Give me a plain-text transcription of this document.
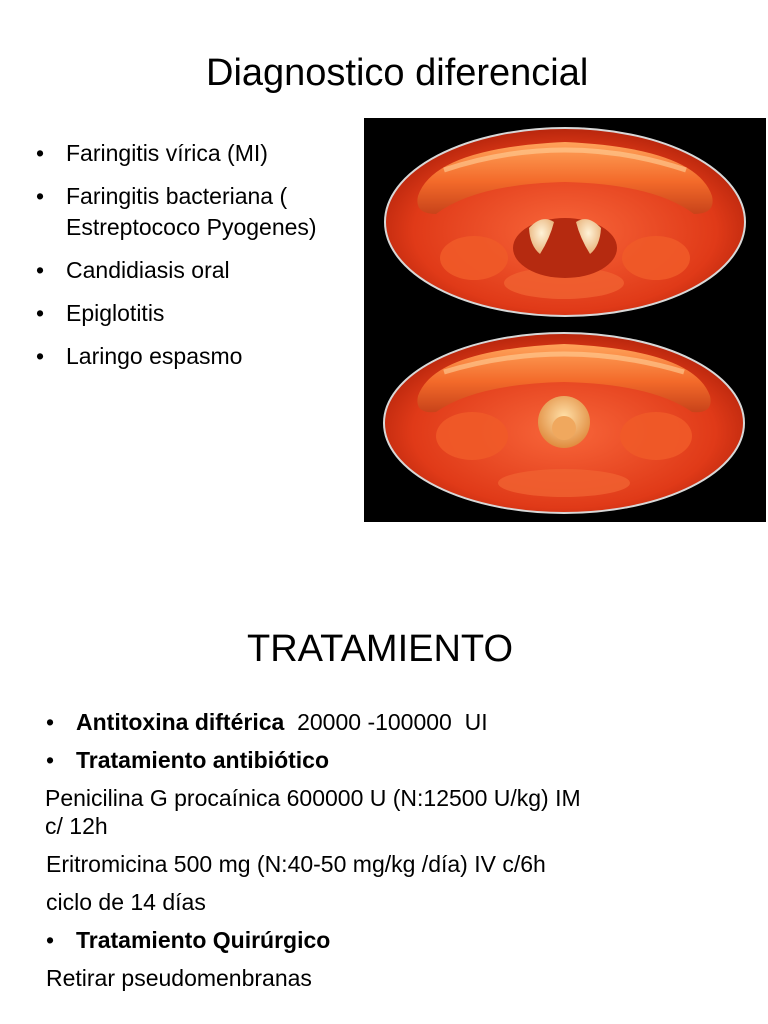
Diagnostico diferencial
• Faringitis vírica (MI)
• Faringitis bacteriana (
Estreptococo Pyogenes)
• Candidiasis oral
• Epiglotitis
• Laringo espasmo
TRATAMIENTO
• Antitoxina diftérica  20000 -100000  UI
• Tratamiento antibiótico
Penicilina G procaínica 600000 U (N:12500 U/kg) IM
c/ 12h
Eritromicina 500 mg (N:40-50 mg/kg /día) IV c/6h
ciclo de 14 días
• Tratamiento Quirúrgico
Retirar pseudomenbranas
